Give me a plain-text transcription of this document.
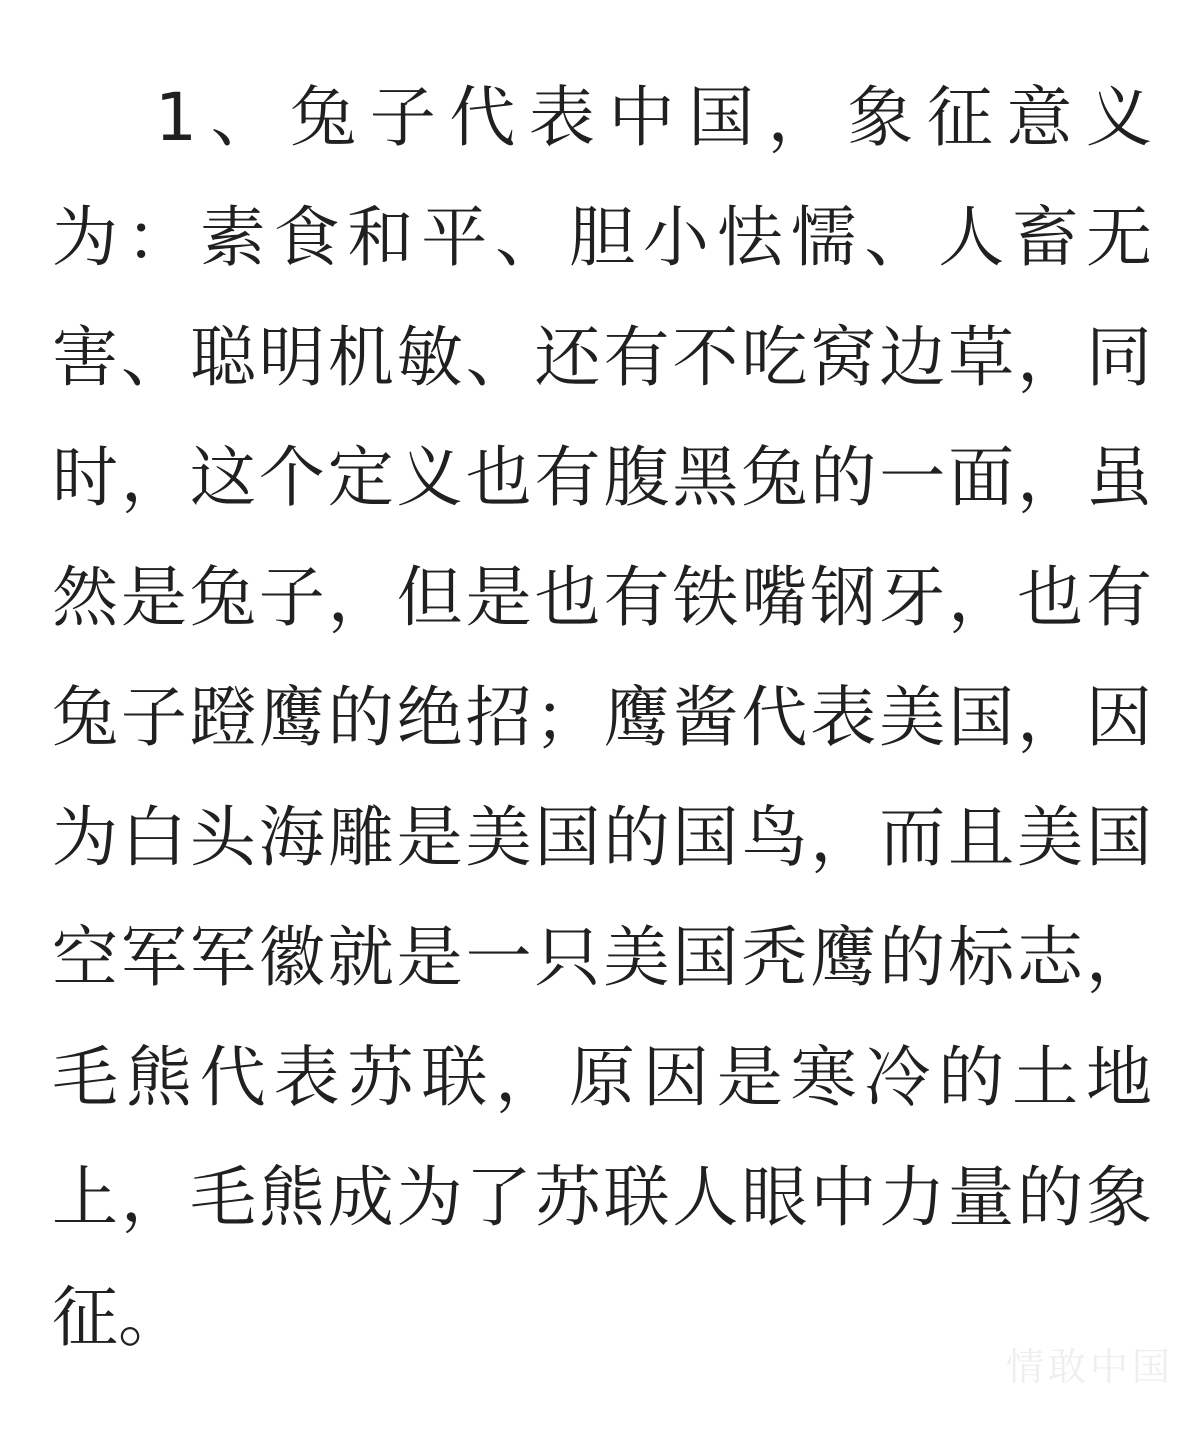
1、兔子代表中国，象征意义
为：素食和平、胆小怯懦、人畜无
害、聪明机敏、还有不吃窝边草，同
时，这个定义也有腹黑兔的一面，虽
然是兔子，但是也有铁嘴钢牙，也有
兔子蹬鹰的绝招；鹰酱代表美国，因
为白头海雕是美国的国鸟，而且美国
空军军徽就是一只美国秃鹰的标志，
毛熊代表苏联，原因是寒冷的土地
上，毛熊成为了苏联人眼中力量的象
征。
情敢中国
